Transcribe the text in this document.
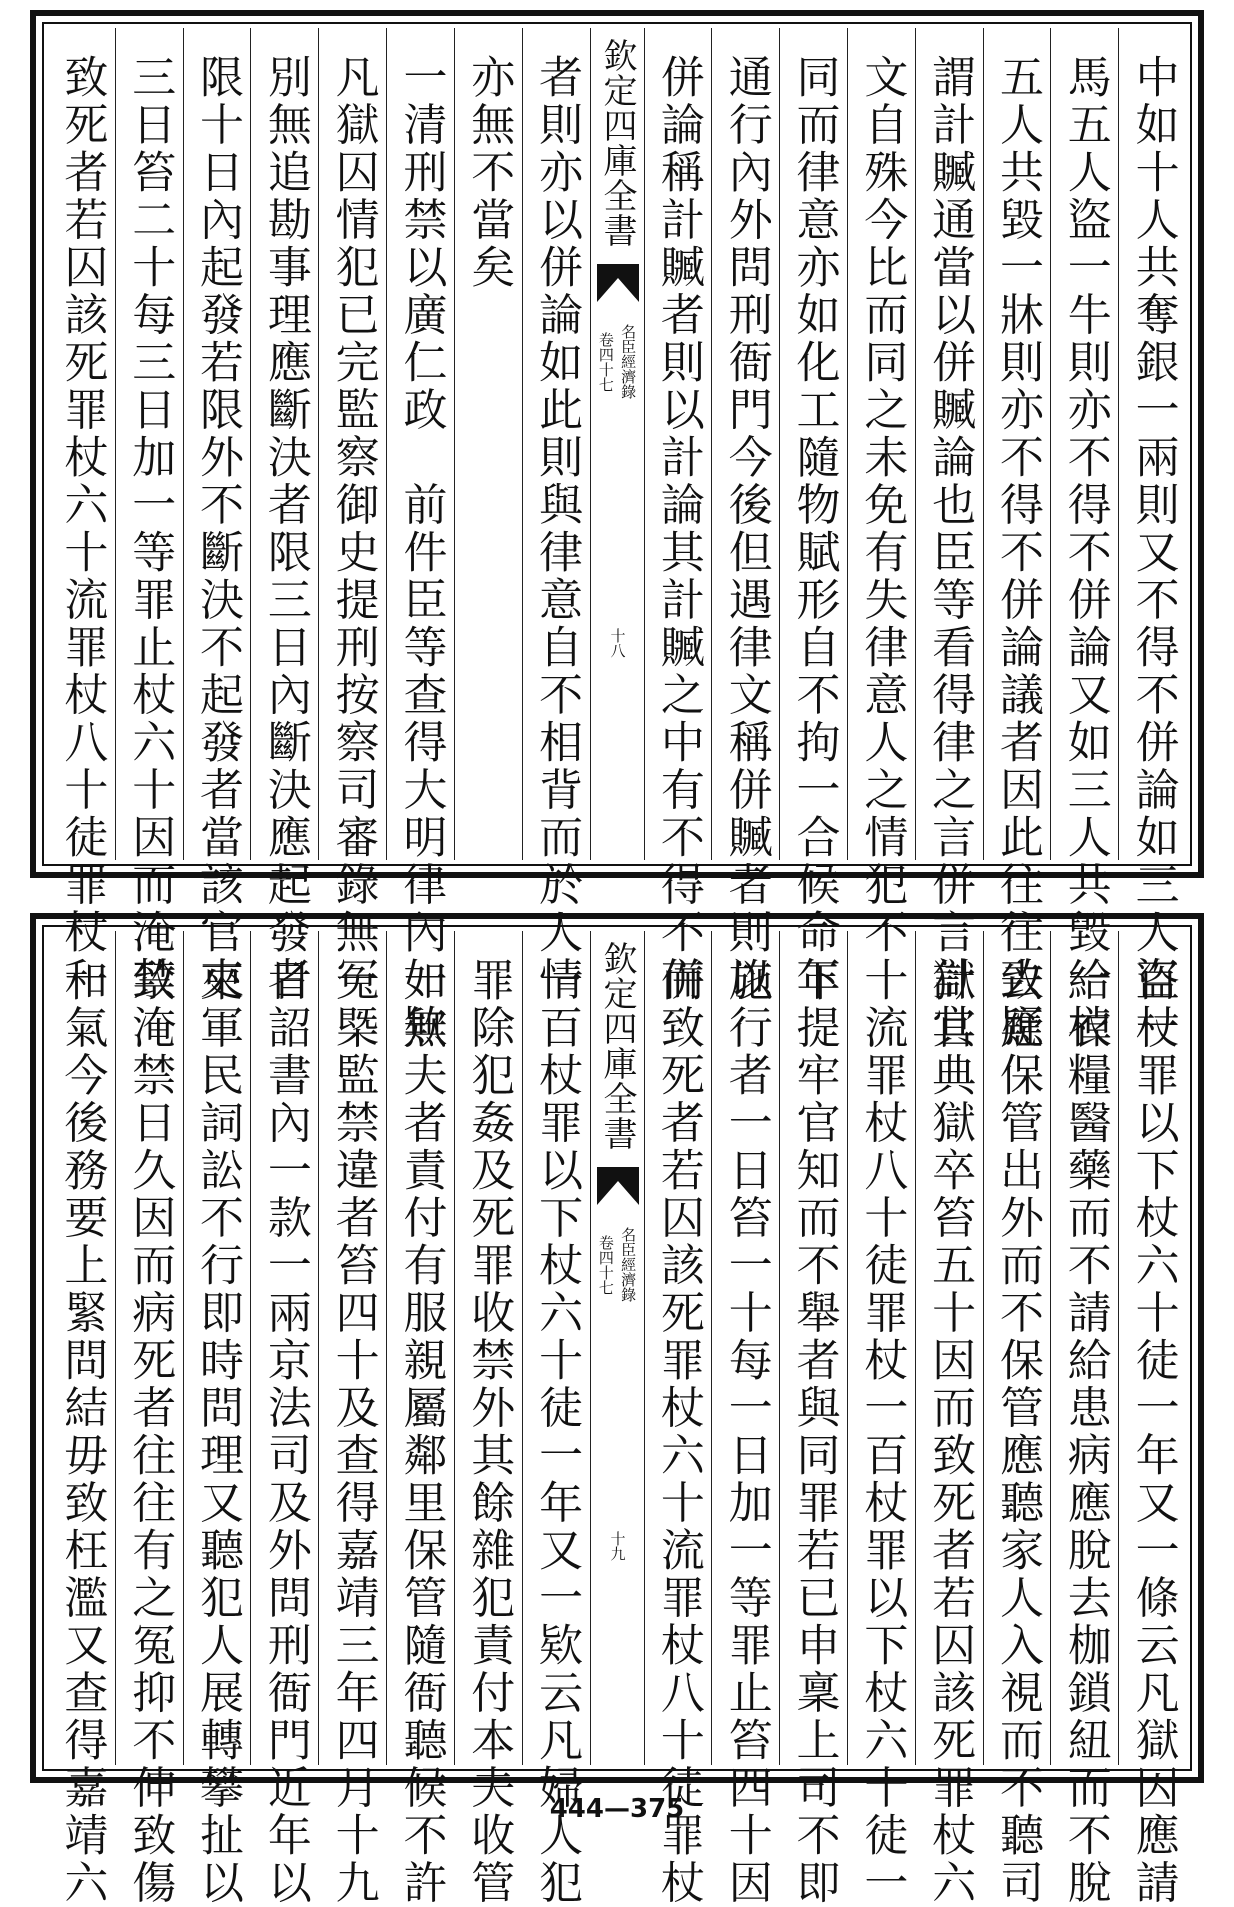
中如十人共奪銀一兩則又不得不併論如三人盜一
馬五人盜一牛則亦不得不併論又如三人共毀一棹
五人共毀一牀則亦不得不併論議者因此往往致疑
謂計贓通當以併贓論也臣等看得律之言併言計其
文自殊今比而同之未免有失律意人之情犯不
同而律意亦如化工隨物賦形自不拘一合候命下
通行內外問刑衙門今後但遇律文稱併贓者則以
併論稱計贓者則以計論其計贓之中有不得不併
欽定四庫全書
名臣經濟錄
卷四十七
十八
者則亦以併論如此則與律意自不相背而於人情
亦無不當矣
一清刑禁以廣仁政　前件臣等查得大明律內一欵
凡獄囚情犯已完監察御史提刑按察司審錄無冤
別無追勘事理應斷決者限三日內斷決應起發者
限十日內起發若限外不斷決不起發者當該官吏
三日笞二十每三日加一等罪止杖六十因而淹禁
致死者若囚該死罪杖六十流罪杖八十徒罪杖一
百杖罪以下杖六十徒一年又一條云凡獄囚應請
給衣糧醫藥而不請給患病應脫去枷鎖紐而不脫
去應保管出外而不保管應聽家人入視而不聽司
獄官典獄卒笞五十因而致死者若囚該死罪杖六
十流罪杖八十徒罪杖一百杖罪以下杖六十徒一
年提牢官知而不舉者與同罪若已申稟上司不即
施行者一日笞一十每一日加一等罪止笞四十因
而致死者若囚該死罪杖六十流罪杖八十徒罪杖
欽定四庫全書
名臣經濟錄
卷四十七
十九
一百杖罪以下杖六十徒一年又一欵云凡婦人犯
罪除犯姦及死罪收禁外其餘雜犯責付本夫收管
如無夫者責付有服親屬鄰里保管隨衙聽候不許
一槩監禁違者笞四十及查得嘉靖三年四月十九
日詔書內一款一兩京法司及外問刑衙門近年以
來軍民詞訟不行即時問理又聽犯人展轉攀扯以
致淹禁日久因而病死者往往有之冤抑不伸致傷
和氣今後務要上緊問結毋致枉濫又查得嘉靖六	444—375
